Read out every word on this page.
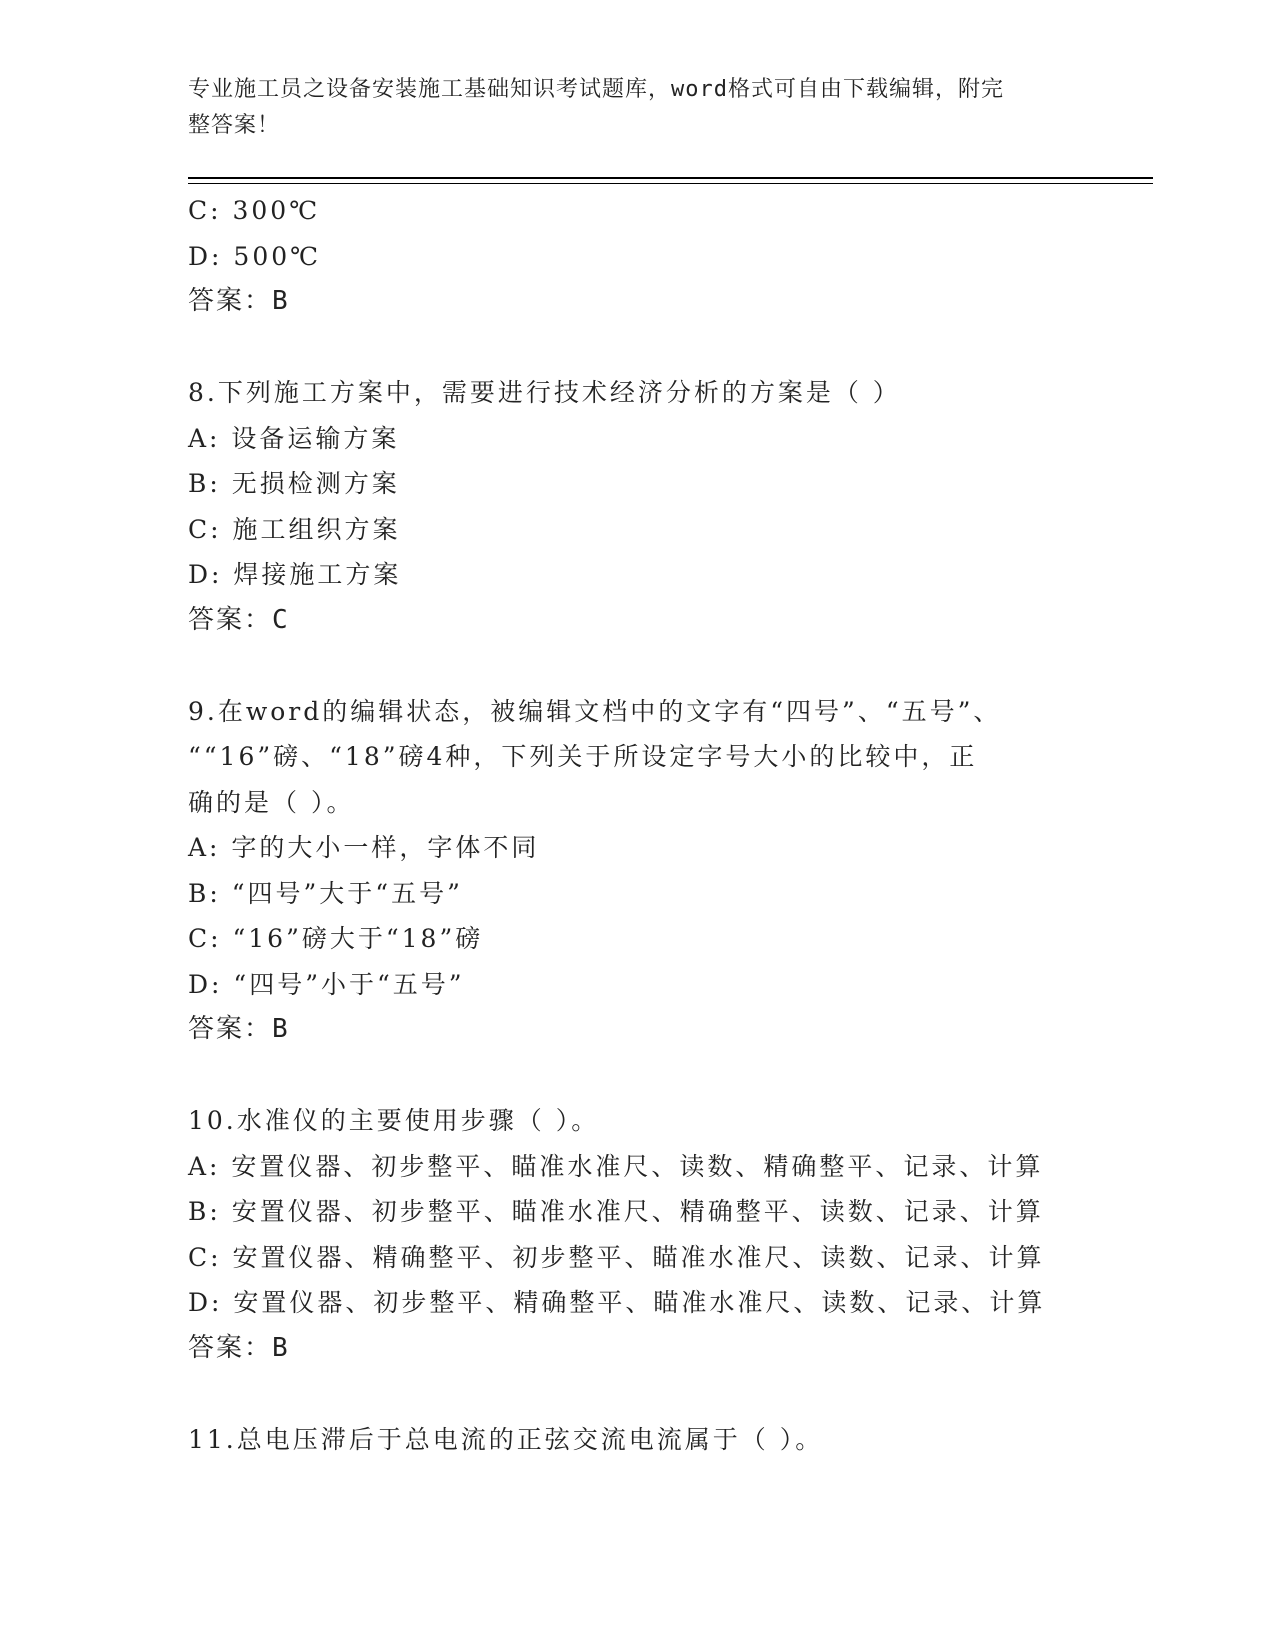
专业施工员之设备安装施工基础知识考试题库，word格式可自由下载编辑，附完
整答案！
C: 300℃
D: 500℃
答案：B
8.下列施工方案中，需要进行技术经济分析的方案是（ ）
A: 设备运输方案
B: 无损检测方案
C: 施工组织方案
D: 焊接施工方案
答案：C
9.在word的编辑状态，被编辑文档中的文字有“四号”、“五号”、
““16”磅、“18”磅4种，下列关于所设定字号大小的比较中，正
确的是（ ）。
A: 字的大小一样，字体不同
B: “四号”大于“五号”
C: “16”磅大于“18”磅
D: “四号”小于“五号”
答案：B
10.水准仪的主要使用步骤（ ）。
A: 安置仪器、初步整平、瞄准水准尺、读数、精确整平、记录、计算
B: 安置仪器、初步整平、瞄准水准尺、精确整平、读数、记录、计算
C: 安置仪器、精确整平、初步整平、瞄准水准尺、读数、记录、计算
D: 安置仪器、初步整平、精确整平、瞄准水准尺、读数、记录、计算
答案：B
11.总电压滞后于总电流的正弦交流电流属于（ ）。
